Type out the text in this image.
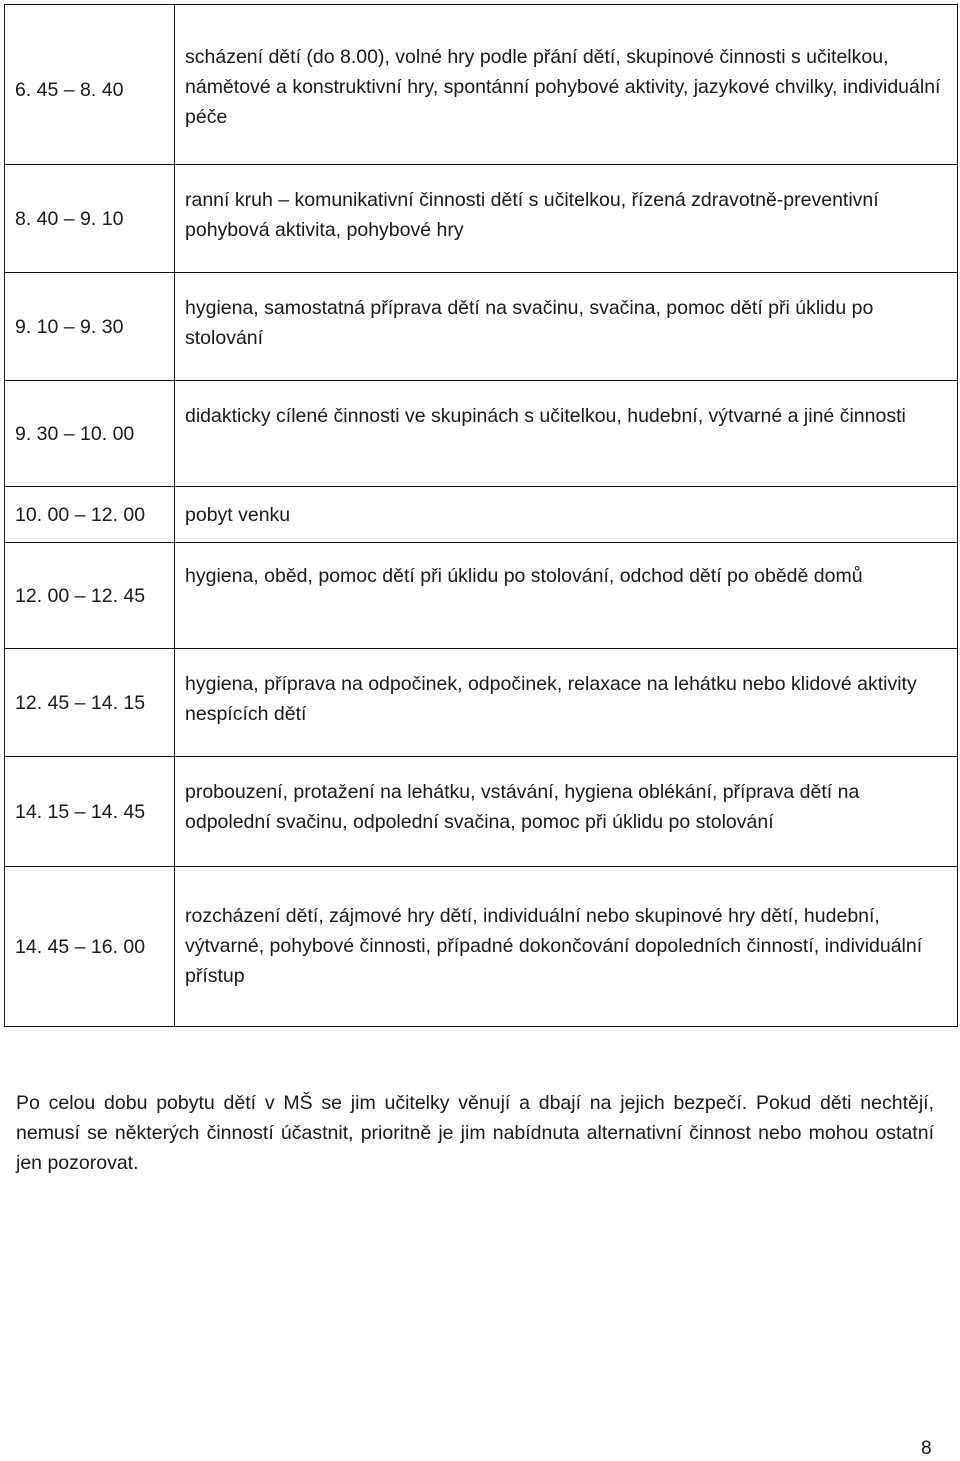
6. 45 – 8. 40	scházení dětí (do 8.00), volné hry podle přání dětí, skupinové činnosti s učitelkou, námětové a konstruktivní hry, spontánní pohybové aktivity, jazykové chvilky, individuální péče
8. 40 – 9. 10	ranní kruh – komunikativní činnosti dětí s učitelkou, řízená zdravotně-preventivní pohybová aktivita, pohybové hry
9. 10 – 9. 30	hygiena, samostatná příprava dětí na svačinu, svačina, pomoc dětí při úklidu po stolování
9. 30 – 10. 00	didakticky cílené činnosti ve skupinách s učitelkou, hudební, výtvarné a jiné činnosti
10. 00 – 12. 00	pobyt venku
12. 00 – 12. 45	hygiena, oběd, pomoc dětí při úklidu po stolování, odchod dětí po obědě domů
12. 45 – 14. 15	hygiena, příprava na odpočinek, odpočinek, relaxace na lehátku nebo klidové aktivity nespících dětí
14. 15 – 14. 45	probouzení, protažení na lehátku, vstávání, hygiena oblékání, příprava dětí na odpolední svačinu, odpolední svačina, pomoc při úklidu po stolování
14. 45 – 16. 00	rozcházení dětí, zájmové hry dětí, individuální nebo skupinové hry dětí, hudební, výtvarné, pohybové činnosti, případné dokončování dopoledních činností, individuální přístup

Po celou dobu pobytu dětí v MŠ se jim učitelky věnují a dbají na jejich bezpečí. Pokud děti nechtějí, nemusí se některých činností účastnit, prioritně je jim nabídnuta alternativní činnost nebo mohou ostatní jen pozorovat.

8
